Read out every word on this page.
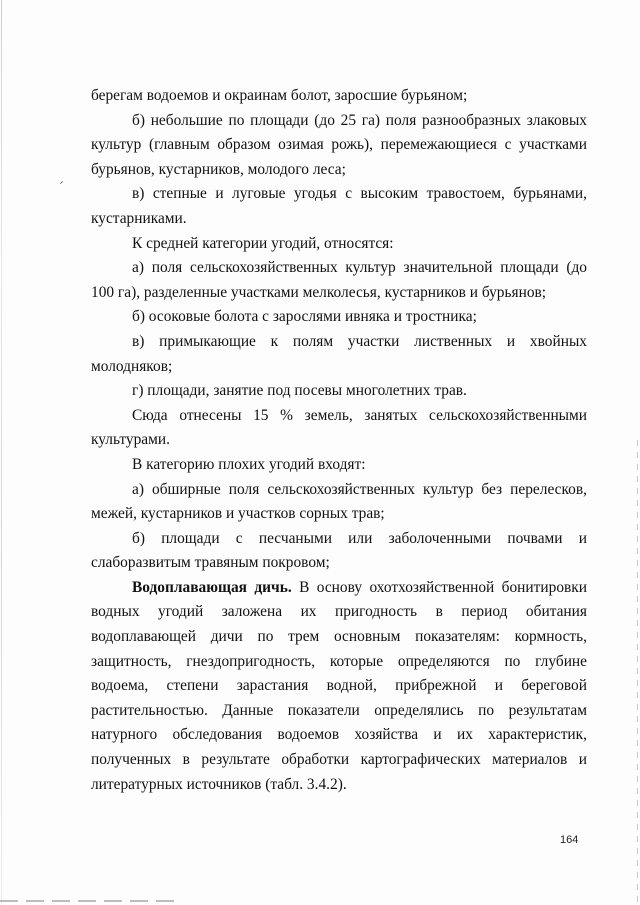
берегам водоемов и окраинам болот, заросшие бурьяном;

б) небольшие по площади (до 25 га) поля разнообразных злаковых культур (главным образом озимая рожь), перемежающиеся с участками бурьянов, кустарников, молодого леса;

в) степные и луговые угодья с высоким травостоем, бурьянами, кустарниками.

К средней категории угодий, относятся:

а) поля сельскохозяйственных культур значительной площади (до 100 га), разделенные участками мелколесья, кустарников и бурьянов;

б) осоковые болота с зарослями ивняка и тростника;

в) примыкающие к полям участки лиственных и хвойных молодняков;

г) площади, занятие под посевы многолетних трав.

Сюда отнесены 15 % земель, занятых сельскохозяйственными культурами.

В категорию плохих угодий входят:

а) обширные поля сельскохозяйственных культур без перелесков, межей, кустарников и участков сорных трав;

б) площади с песчаными или заболоченными почвами и слаборазвитым травяным покровом;

Водоплавающая дичь. В основу охотхозяйственной бонитировки водных угодий заложена их пригодность в период обитания водоплавающей дичи по трем основным показателям: кормность, защитность, гнездопригодность, которые определяются по глубине водоема, степени зарастания водной, прибрежной и береговой растительностью. Данные показатели определялись по результатам натурного обследования водоемов хозяйства и их характеристик, полученных в результате обработки картографических материалов и литературных источников (табл. 3.4.2).

164
